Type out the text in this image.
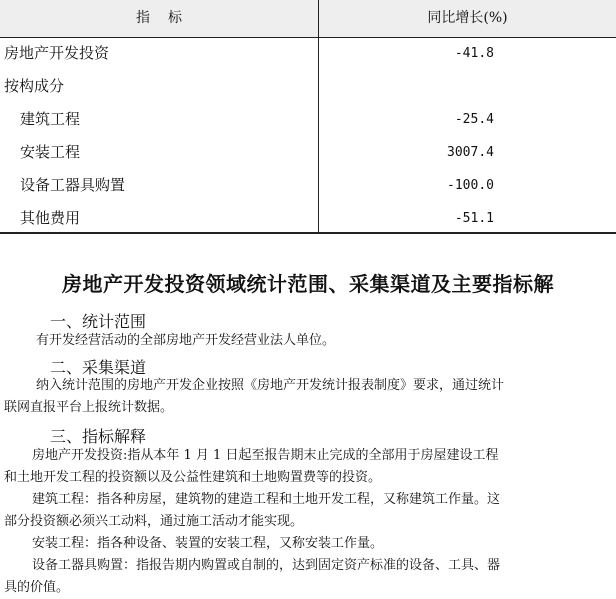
指标	同比增长(%)
房地产开发投资	-41.8
按构成分
建筑工程	-25.4
安装工程	3007.4
设备工器具购置	-100.0
其他费用	-51.1
房地产开发投资领域统计范围、采集渠道及主要指标解
一、统计范围
有开发经营活动的全部房地产开发经营业法人单位。
二、采集渠道
纳入统计范围的房地产开发企业按照《房地产开发统计报表制度》要求，通过统计
联网直报平台上报统计数据。
三、指标解释
房地产开发投资:指从本年 1 月 1 日起至报告期末止完成的全部用于房屋建设工程
和土地开发工程的投资额以及公益性建筑和土地购置费等的投资。
建筑工程：指各种房屋，建筑物的建造工程和土地开发工程，又称建筑工作量。这
部分投资额必须兴工动料，通过施工活动才能实现。
安装工程：指各种设备、装置的安装工程，又称安装工作量。
设备工器具购置：指报告期内购置或自制的，达到固定资产标准的设备、工具、器
具的价值。
